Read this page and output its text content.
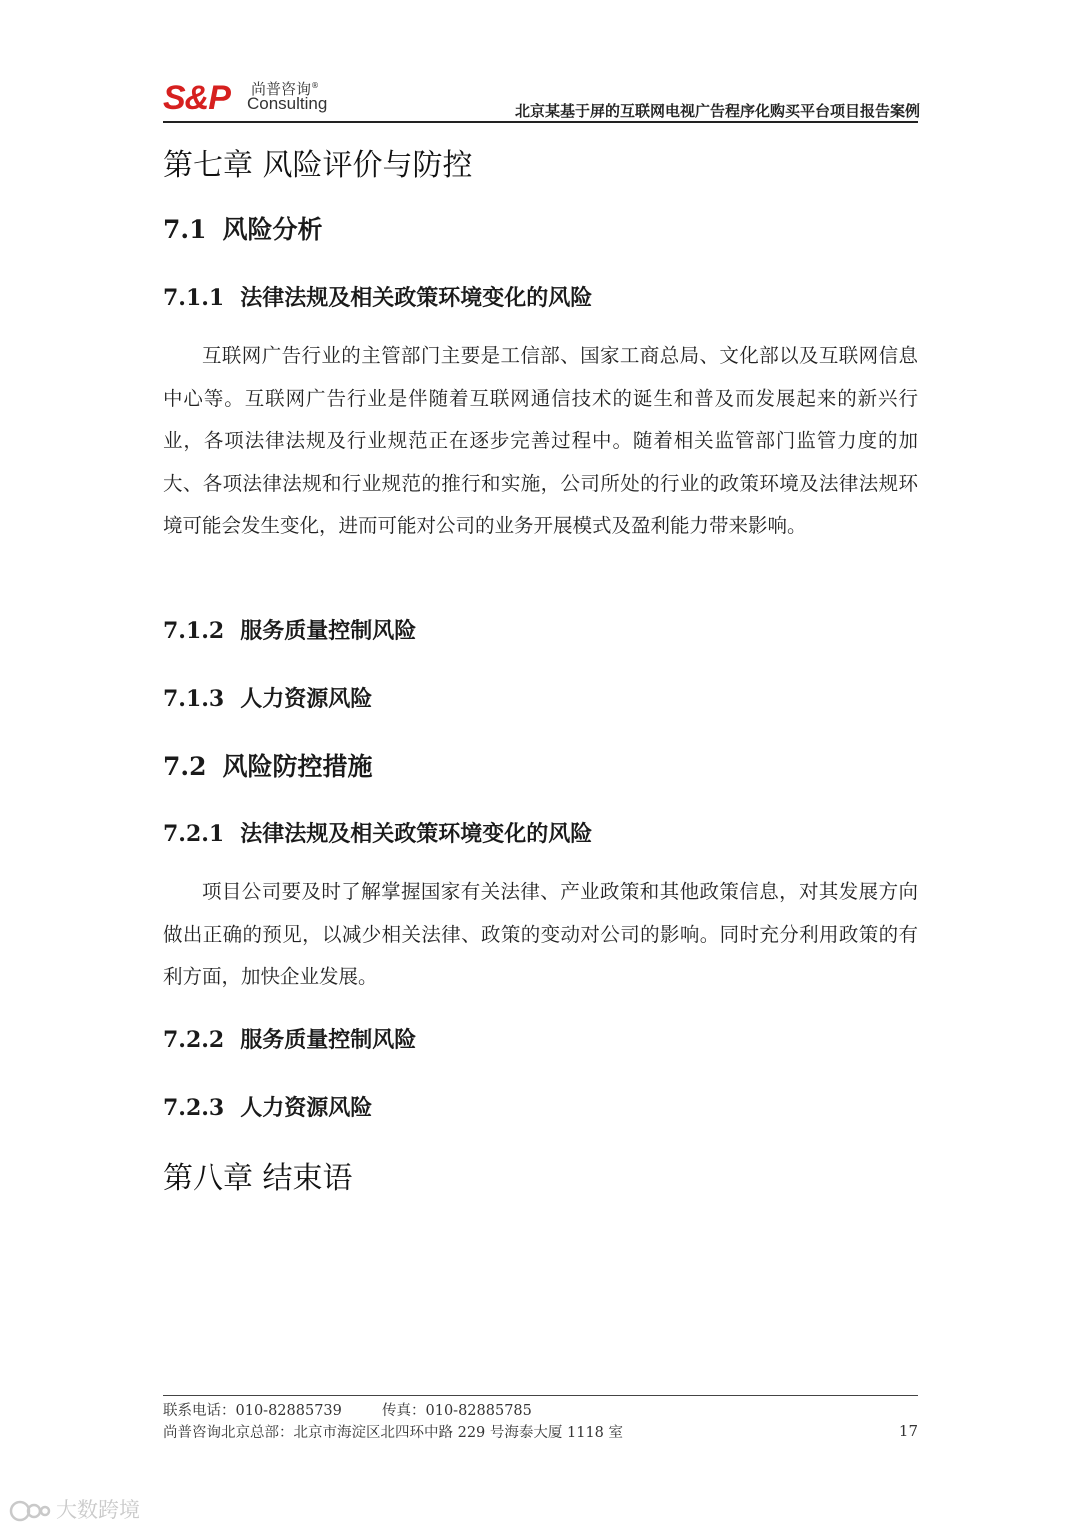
S&P 尚普咨询®
Consulting	北京某基于屏的互联网电视广告程序化购买平台项目报告案例
第七章 风险评价与防控
7.1 风险分析
7.1.1 法律法规及相关政策环境变化的风险
互联网广告行业的主管部门主要是工信部、国家工商总局、文化部以及互联网信息中心等。互联网广告行业是伴随着互联网通信技术的诞生和普及而发展起来的新兴行业，各项法律法规及行业规范正在逐步完善过程中。随着相关监管部门监管力度的加大、各项法律法规和行业规范的推行和实施，公司所处的行业的政策环境及法律法规环境可能会发生变化，进而可能对公司的业务开展模式及盈利能力带来影响。
7.1.2 服务质量控制风险
7.1.3 人力资源风险
7.2 风险防控措施
7.2.1 法律法规及相关政策环境变化的风险
项目公司要及时了解掌握国家有关法律、产业政策和其他政策信息，对其发展方向做出正确的预见，以减少相关法律、政策的变动对公司的影响。同时充分利用政策的有利方面，加快企业发展。
7.2.2 服务质量控制风险
7.2.3 人力资源风险
第八章 结束语
联系电话：010-82885739	传真：010-82885785
尚普咨询北京总部：北京市海淀区北四环中路 229 号海泰大厦 1118 室	17
大数跨境
